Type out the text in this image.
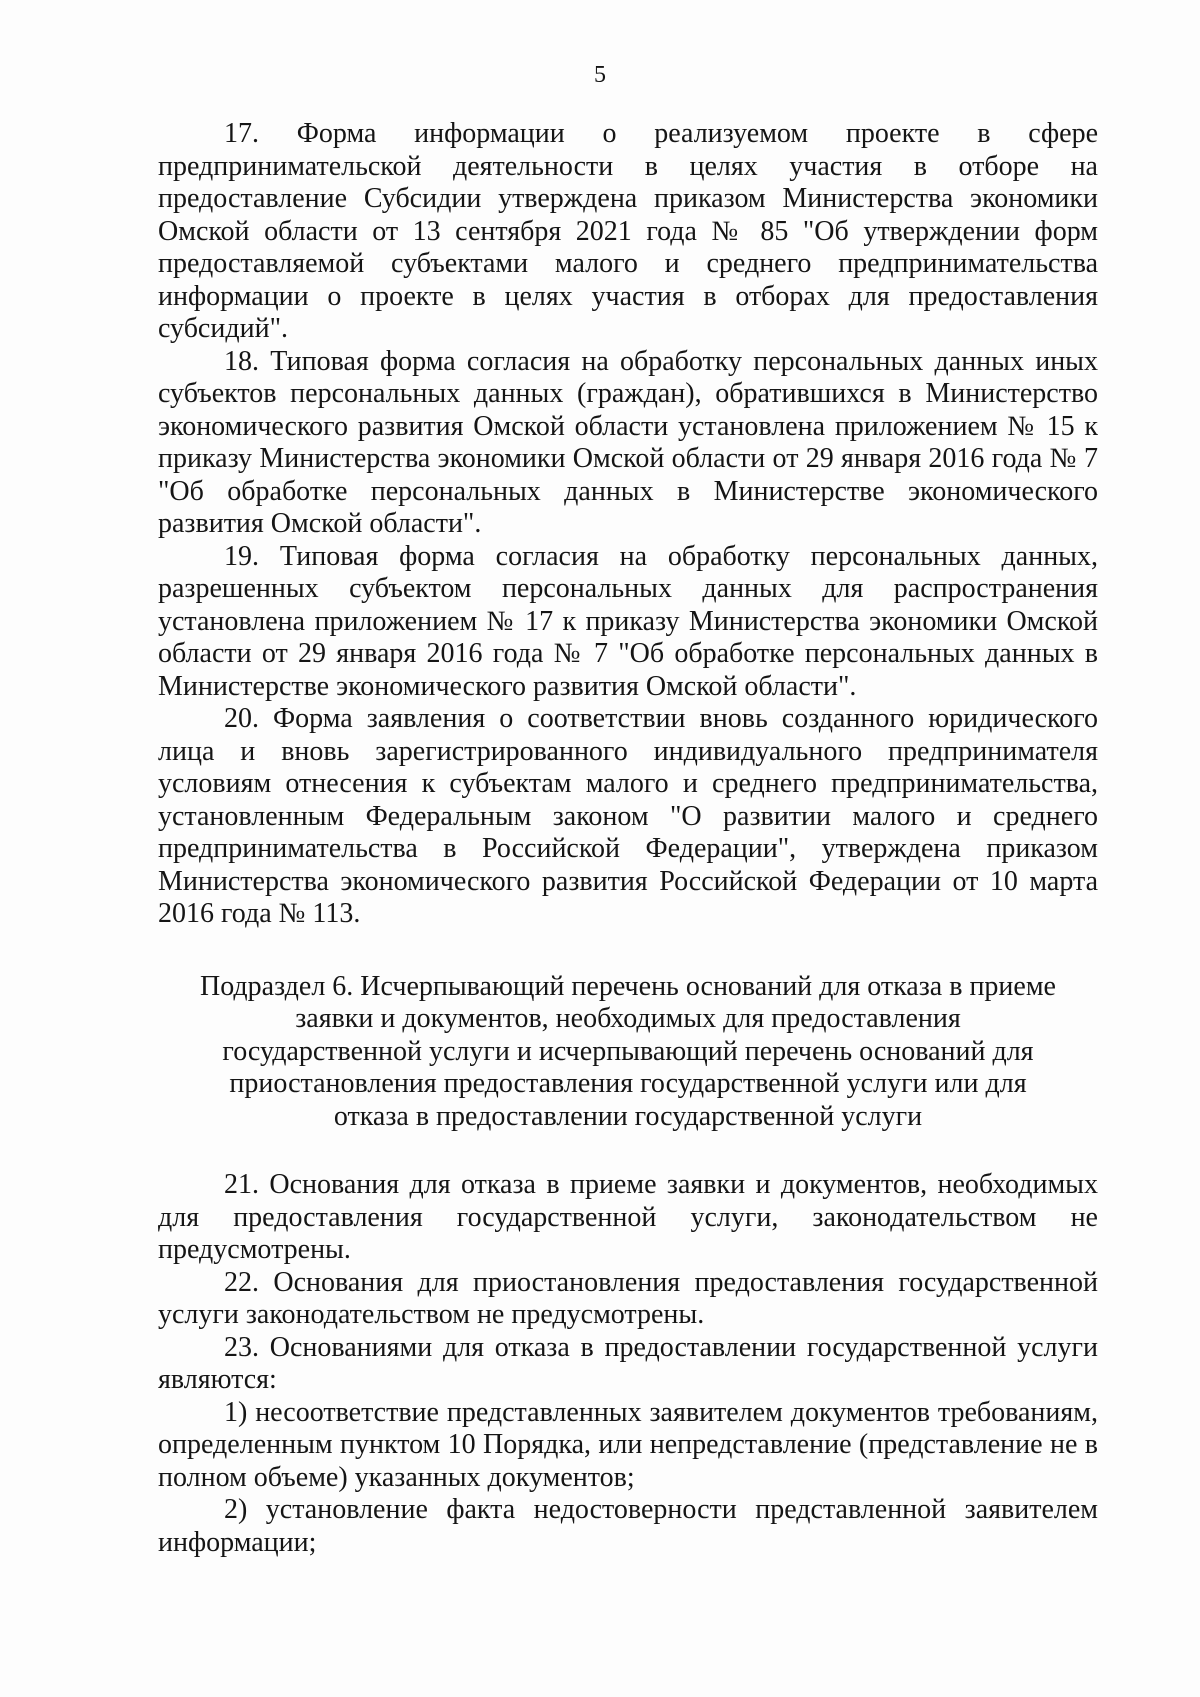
5

17. Форма информации о реализуемом проекте в сфере предпринимательской деятельности в целях участия в отборе на предоставление Субсидии утверждена приказом Министерства экономики Омской области от 13 сентября 2021 года № 85 "Об утверждении форм предоставляемой субъектами малого и среднего предпринимательства информации о проекте в целях участия в отборах для предоставления субсидий".

18. Типовая форма согласия на обработку персональных данных иных субъектов персональных данных (граждан), обратившихся в Министерство экономического развития Омской области установлена приложением № 15 к приказу Министерства экономики Омской области от 29 января 2016 года № 7 "Об обработке персональных данных в Министерстве экономического развития Омской области".

19. Типовая форма согласия на обработку персональных данных, разрешенных субъектом персональных данных для распространения установлена приложением № 17 к приказу Министерства экономики Омской области от 29 января 2016 года № 7 "Об обработке персональных данных в Министерстве экономического развития Омской области".

20. Форма заявления о соответствии вновь созданного юридического лица и вновь зарегистрированного индивидуального предпринимателя условиям отнесения к субъектам малого и среднего предпринимательства, установленным Федеральным законом "О развитии малого и среднего предпринимательства в Российской Федерации", утверждена приказом Министерства экономического развития Российской Федерации от 10 марта 2016 года № 113.

Подраздел 6. Исчерпывающий перечень оснований для отказа в приеме заявки и документов, необходимых для предоставления государственной услуги и исчерпывающий перечень оснований для приостановления предоставления государственной услуги или для отказа в предоставлении государственной услуги

21. Основания для отказа в приеме заявки и документов, необходимых для предоставления государственной услуги, законодательством не предусмотрены.

22. Основания для приостановления предоставления государственной услуги законодательством не предусмотрены.

23. Основаниями для отказа в предоставлении государственной услуги являются:

1) несоответствие представленных заявителем документов требованиям, определенным пунктом 10 Порядка, или непредставление (представление не в полном объеме) указанных документов;

2) установление факта недостоверности представленной заявителем информации;
